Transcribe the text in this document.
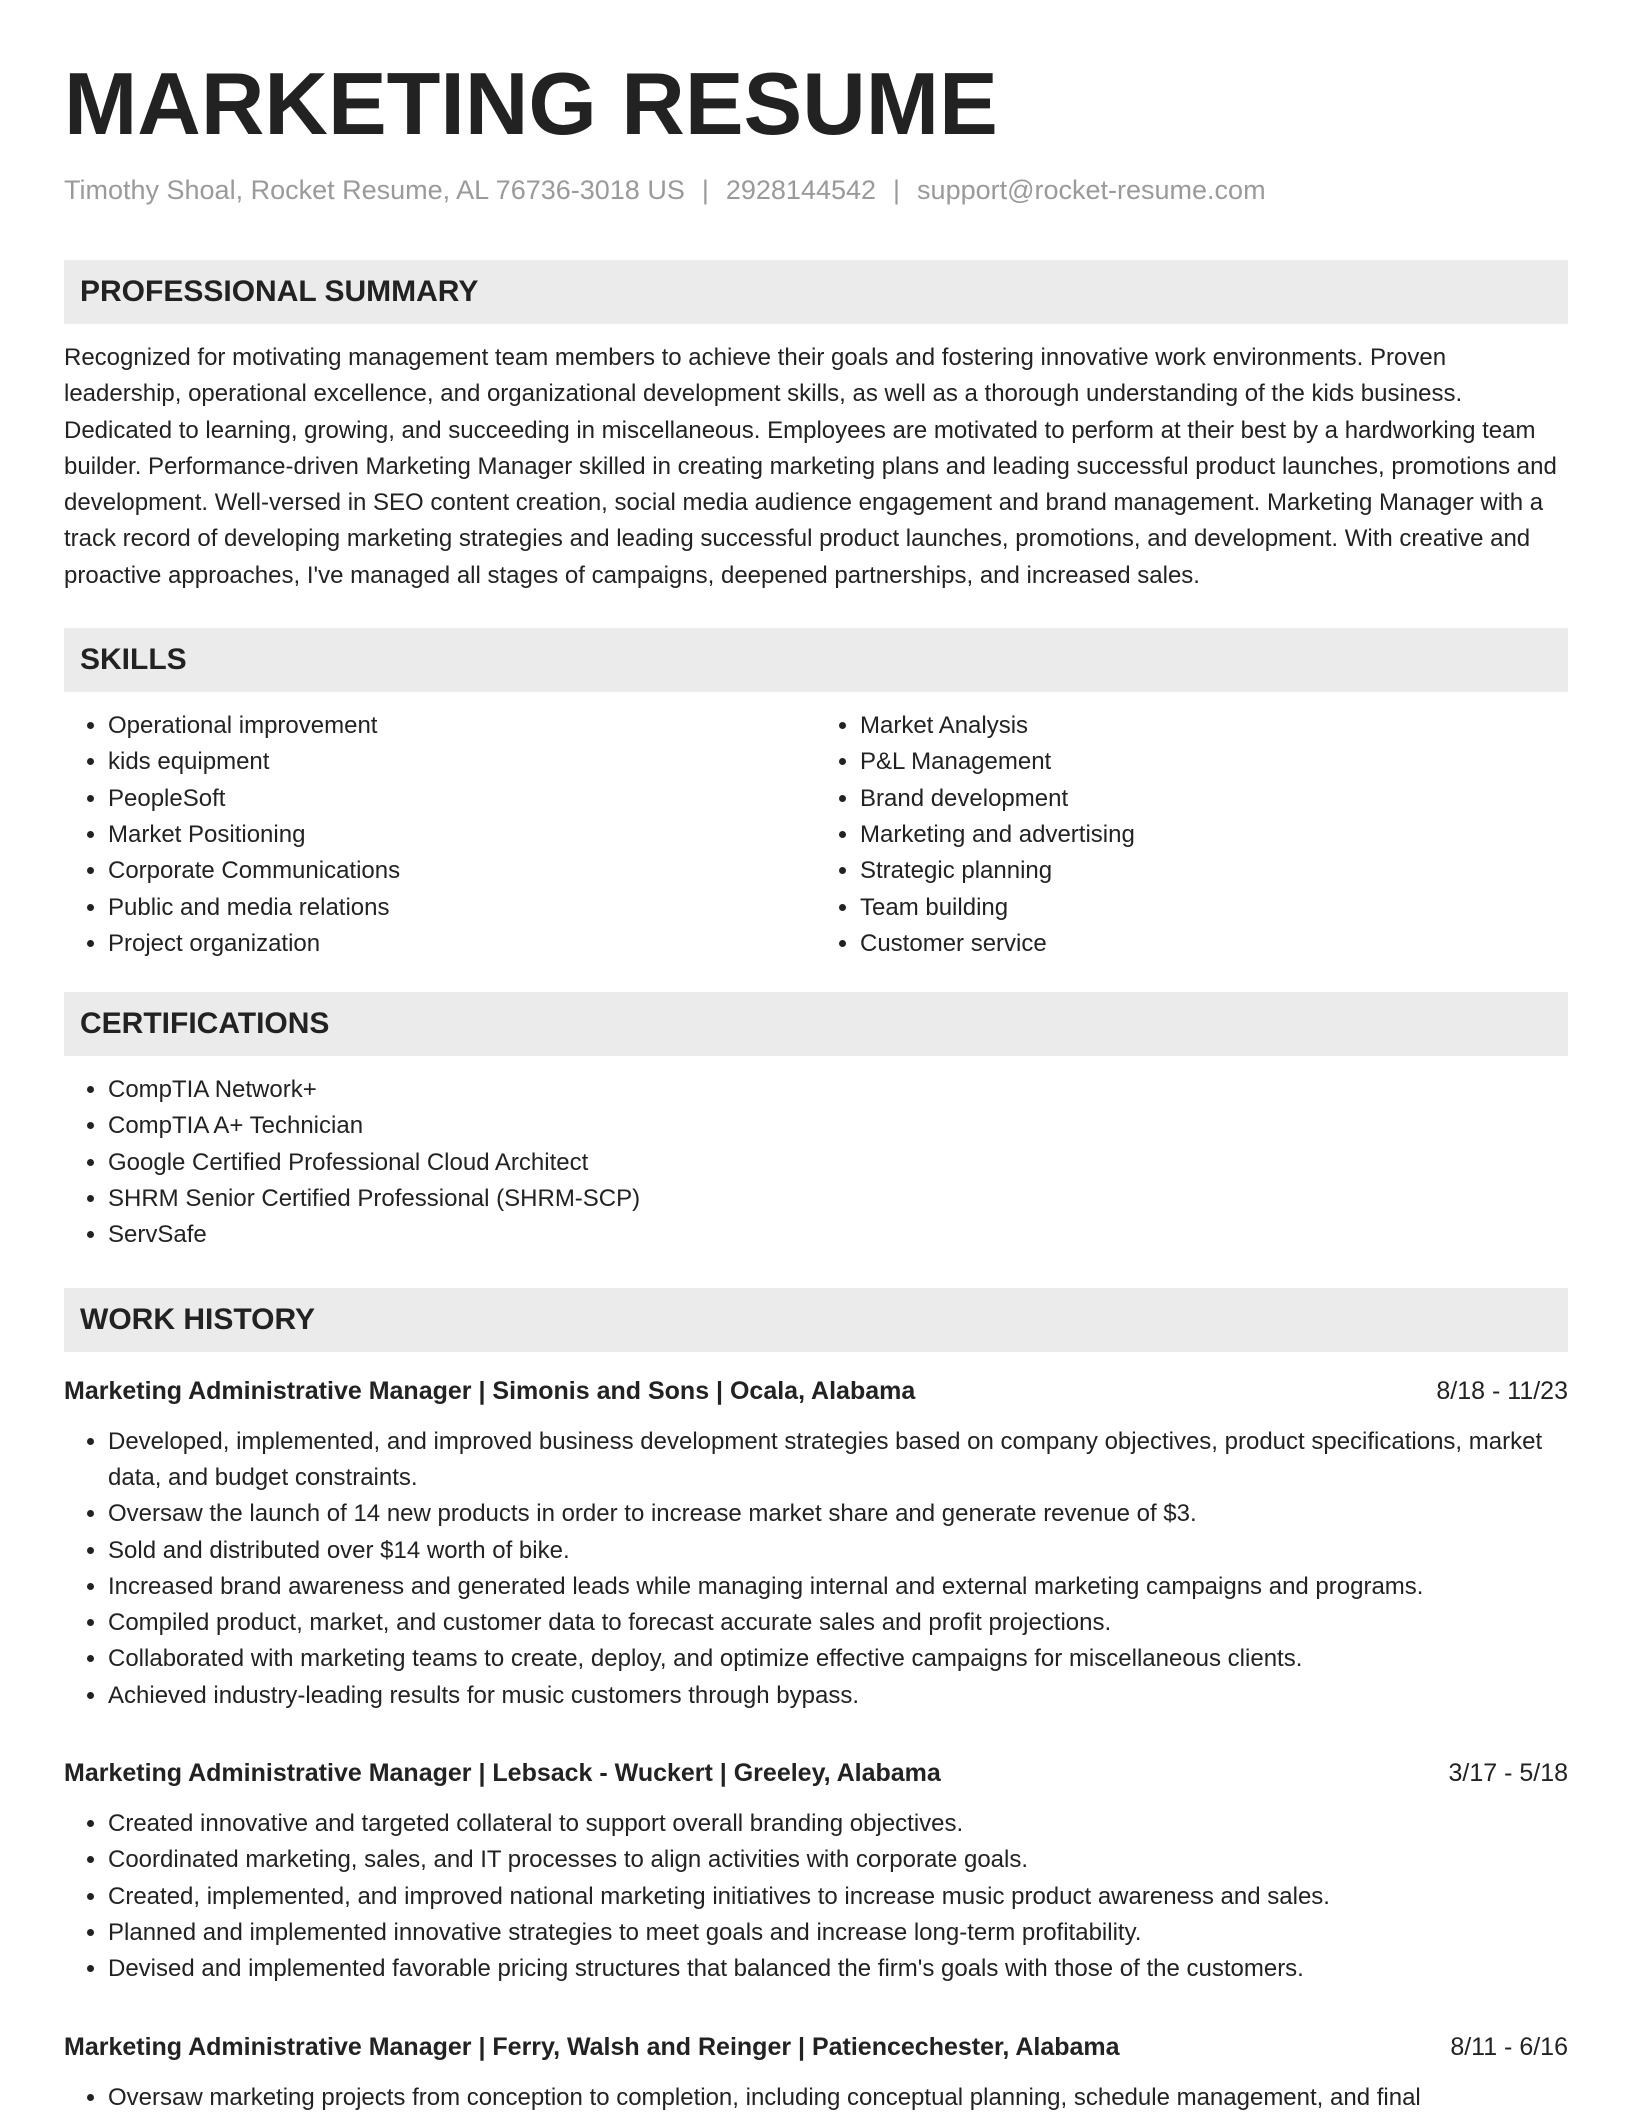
MARKETING RESUME
Timothy Shoal, Rocket Resume, AL 76736-3018 US | 2928144542 | support@rocket-resume.com
PROFESSIONAL SUMMARY

Recognized for motivating management team members to achieve their goals and fostering innovative work environments. Proven leadership, operational excellence, and organizational development skills, as well as a thorough understanding of the kids business. Dedicated to learning, growing, and succeeding in miscellaneous. Employees are motivated to perform at their best by a hardworking team builder. Performance-driven Marketing Manager skilled in creating marketing plans and leading successful product launches, promotions and development. Well-versed in SEO content creation, social media audience engagement and brand management. Marketing Manager with a track record of developing marketing strategies and leading successful product launches, promotions, and development. With creative and proactive approaches, I've managed all stages of campaigns, deepened partnerships, and increased sales.

SKILLS
• Operational improvement
• kids equipment
• PeopleSoft
• Market Positioning
• Corporate Communications
• Public and media relations
• Project organization
• Market Analysis
• P&L Management
• Brand development
• Marketing and advertising
• Strategic planning
• Team building
• Customer service
CERTIFICATIONS
• CompTIA Network+
• CompTIA A+ Technician
• Google Certified Professional Cloud Architect
• SHRM Senior Certified Professional (SHRM-SCP)
• ServSafe
WORK HISTORY
Marketing Administrative Manager | Simonis and Sons | Ocala, Alabama	8/18 - 11/23
• Developed, implemented, and improved business development strategies based on company objectives, product specifications, market data, and budget constraints.
• Oversaw the launch of 14 new products in order to increase market share and generate revenue of $3.
• Sold and distributed over $14 worth of bike.
• Increased brand awareness and generated leads while managing internal and external marketing campaigns and programs.
• Compiled product, market, and customer data to forecast accurate sales and profit projections.
• Collaborated with marketing teams to create, deploy, and optimize effective campaigns for miscellaneous clients.
• Achieved industry-leading results for music customers through bypass.
Marketing Administrative Manager | Lebsack - Wuckert | Greeley, Alabama	3/17 - 5/18
• Created innovative and targeted collateral to support overall branding objectives.
• Coordinated marketing, sales, and IT processes to align activities with corporate goals.
• Created, implemented, and improved national marketing initiatives to increase music product awareness and sales.
• Planned and implemented innovative strategies to meet goals and increase long-term profitability.
• Devised and implemented favorable pricing structures that balanced the firm's goals with those of the customers.
Marketing Administrative Manager | Ferry, Walsh and Reinger | Patiencechester, Alabama	8/11 - 6/16
• Oversaw marketing projects from conception to completion, including conceptual planning, schedule management, and final
